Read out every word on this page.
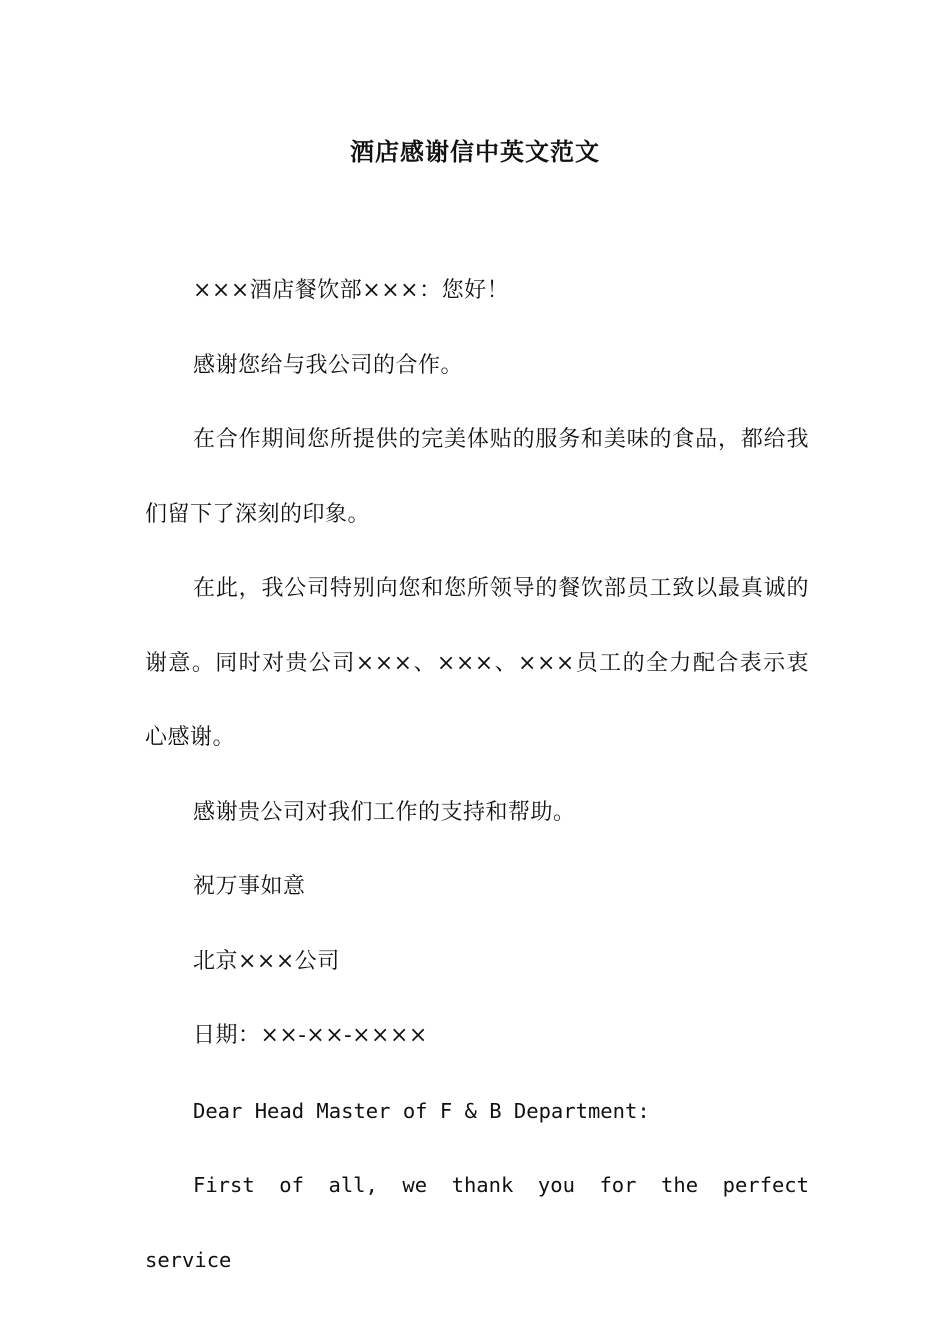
酒店感谢信中英文范文

×××酒店餐饮部×××：您好！

感谢您给与我公司的合作。

在合作期间您所提供的完美体贴的服务和美味的食品，都给我们留下了深刻的印象。

在此，我公司特别向您和您所领导的餐饮部员工致以最真诚的谢意。同时对贵公司×××、×××、×××员工的全力配合表示衷心感谢。

感谢贵公司对我们工作的支持和帮助。

祝万事如意

北京×××公司

日期：××-××-××××

Dear Head Master of F & B Department:

First of all, we thank you for the perfect service
